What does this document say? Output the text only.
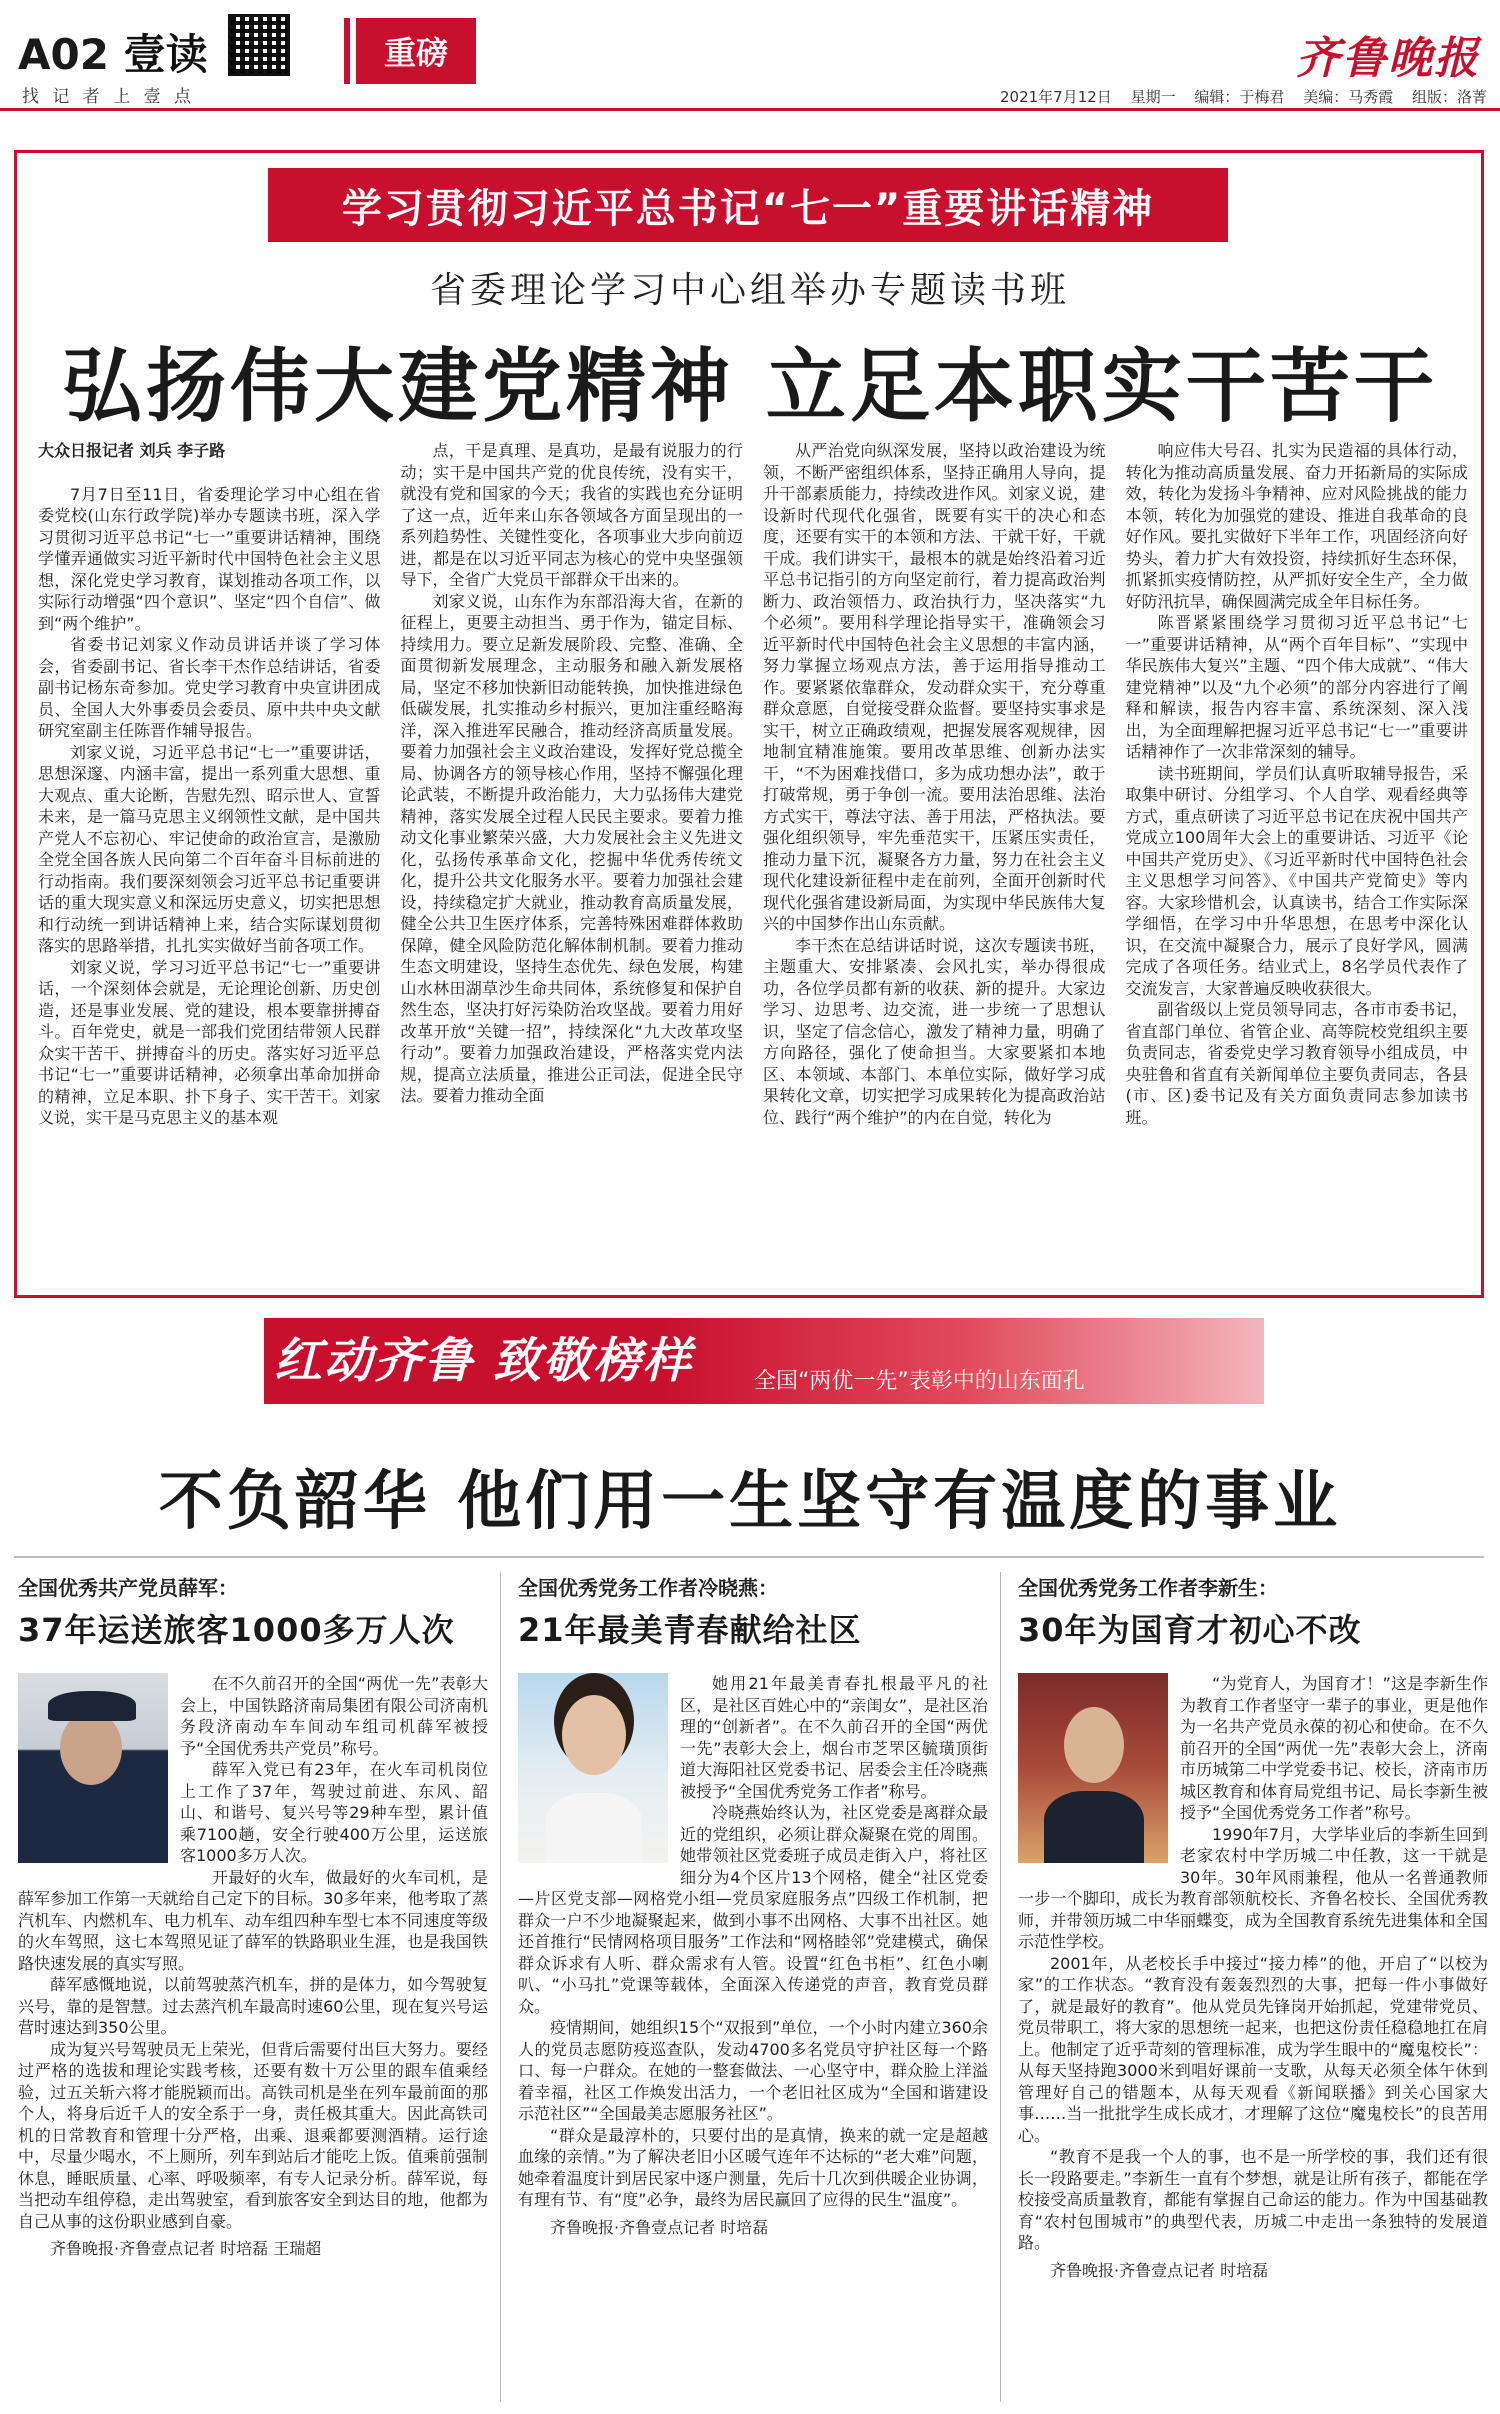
A02 壹读
找 记 者 上 壹 点
重磅	齐鲁晚报
2021年7月12日 星期一 编辑：于梅君 美编：马秀霞 组版：洛菁
学习贯彻习近平总书记“七一”重要讲话精神
省委理论学习中心组举办专题读书班
弘扬伟大建党精神 立足本职实干苦干

大众日报记者 刘兵 李子路

7月7日至11日，省委理论学习中心组在省委党校(山东行政学院)举办专题读书班，深入学习贯彻习近平总书记“七一”重要讲话精神，围绕学懂弄通做实习近平新时代中国特色社会主义思想，深化党史学习教育，谋划推动各项工作，以实际行动增强“四个意识”、坚定“四个自信”、做到“两个维护”。

省委书记刘家义作动员讲话并谈了学习体会，省委副书记、省长李干杰作总结讲话，省委副书记杨东奇参加。党史学习教育中央宣讲团成员、全国人大外事委员会委员、原中共中央文献研究室副主任陈晋作辅导报告。

刘家义说，习近平总书记“七一”重要讲话，思想深邃、内涵丰富，提出一系列重大思想、重大观点、重大论断，告慰先烈、昭示世人、宣誓未来，是一篇马克思主义纲领性文献，是中国共产党人不忘初心、牢记使命的政治宣言，是激励全党全国各族人民向第二个百年奋斗目标前进的行动指南。我们要深刻领会习近平总书记重要讲话的重大现实意义和深远历史意义，切实把思想和行动统一到讲话精神上来，结合实际谋划贯彻落实的思路举措，扎扎实实做好当前各项工作。

刘家义说，学习习近平总书记“七一”重要讲话，一个深刻体会就是，无论理论创新、历史创造，还是事业发展、党的建设，根本要靠拼搏奋斗。百年党史，就是一部我们党团结带领人民群众实干苦干、拼搏奋斗的历史。落实好习近平总书记“七一”重要讲话精神，必须拿出革命加拼命的精神，立足本职、扑下身子、实干苦干。刘家义说，实干是马克思主义的基本观

点，干是真理、是真功，是最有说服力的行动；实干是中国共产党的优良传统，没有实干，就没有党和国家的今天；我省的实践也充分证明了这一点，近年来山东各领域各方面呈现出的一系列趋势性、关键性变化，各项事业大步向前迈进，都是在以习近平同志为核心的党中央坚强领导下，全省广大党员干部群众干出来的。

刘家义说，山东作为东部沿海大省，在新的征程上，更要主动担当、勇于作为，锚定目标、持续用力。要立足新发展阶段、完整、准确、全面贯彻新发展理念，主动服务和融入新发展格局，坚定不移加快新旧动能转换，加快推进绿色低碳发展，扎实推动乡村振兴，更加注重经略海洋，深入推进军民融合，推动经济高质量发展。要着力加强社会主义政治建设，发挥好党总揽全局、协调各方的领导核心作用，坚持不懈强化理论武装，不断提升政治能力，大力弘扬伟大建党精神，落实发展全过程人民民主要求。要着力推动文化事业繁荣兴盛，大力发展社会主义先进文化，弘扬传承革命文化，挖掘中华优秀传统文化，提升公共文化服务水平。要着力加强社会建设，持续稳定扩大就业，推动教育高质量发展，健全公共卫生医疗体系，完善特殊困难群体救助保障，健全风险防范化解体制机制。要着力推动生态文明建设，坚持生态优先、绿色发展，构建山水林田湖草沙生命共同体，系统修复和保护自然生态，坚决打好污染防治攻坚战。要着力用好改革开放“关键一招”，持续深化“九大改革攻坚行动”。要着力加强政治建设，严格落实党内法规，提高立法质量，推进公正司法，促进全民守法。要着力推动全面

从严治党向纵深发展，坚持以政治建设为统领，不断严密组织体系，坚持正确用人导向，提升干部素质能力，持续改进作风。刘家义说，建设新时代现代化强省，既要有实干的决心和态度，还要有实干的本领和方法、干就干好，干就干成。我们讲实干，最根本的就是始终沿着习近平总书记指引的方向坚定前行，着力提高政治判断力、政治领悟力、政治执行力，坚决落实“九个必须”。要用科学理论指导实干，准确领会习近平新时代中国特色社会主义思想的丰富内涵，努力掌握立场观点方法，善于运用指导推动工作。要紧紧依靠群众，发动群众实干，充分尊重群众意愿，自觉接受群众监督。要坚持实事求是实干，树立正确政绩观，把握发展客观规律，因地制宜精准施策。要用改革思维、创新办法实干，“不为困难找借口，多为成功想办法”，敢于打破常规，勇于争创一流。要用法治思维、法治方式实干，尊法守法、善于用法，严格执法。要强化组织领导，牢先垂范实干，压紧压实责任，推动力量下沉，凝聚各方力量，努力在社会主义现代化建设新征程中走在前列，全面开创新时代现代化强省建设新局面，为实现中华民族伟大复兴的中国梦作出山东贡献。

李干杰在总结讲话时说，这次专题读书班，主题重大、安排紧凑、会风扎实，举办得很成功，各位学员都有新的收获、新的提升。大家边学习、边思考、边交流，进一步统一了思想认识，坚定了信念信心，激发了精神力量，明确了方向路径，强化了使命担当。大家要紧扣本地区、本领域、本部门、本单位实际，做好学习成果转化文章，切实把学习成果转化为提高政治站位、践行“两个维护”的内在自觉，转化为

响应伟大号召、扎实为民造福的具体行动，转化为推动高质量发展、奋力开拓新局的实际成效，转化为发扬斗争精神、应对风险挑战的能力本领，转化为加强党的建设、推进自我革命的良好作风。要扎实做好下半年工作，巩固经济向好势头，着力扩大有效投资，持续抓好生态环保，抓紧抓实疫情防控，从严抓好安全生产，全力做好防汛抗旱，确保圆满完成全年目标任务。

陈晋紧紧围绕学习贯彻习近平总书记“七一”重要讲话精神，从“两个百年目标”、“实现中华民族伟大复兴”主题、“四个伟大成就”、“伟大建党精神”以及“九个必须”的部分内容进行了阐释和解读，报告内容丰富、系统深刻、深入浅出，为全面理解把握习近平总书记“七一”重要讲话精神作了一次非常深刻的辅导。

读书班期间，学员们认真听取辅导报告，采取集中研讨、分组学习、个人自学、观看经典等方式，重点研读了习近平总书记在庆祝中国共产党成立100周年大会上的重要讲话、习近平《论中国共产党历史》、《习近平新时代中国特色社会主义思想学习问答》、《中国共产党简史》等内容。大家珍惜机会，认真读书，结合工作实际深学细悟，在学习中升华思想，在思考中深化认识，在交流中凝聚合力，展示了良好学风，圆满完成了各项任务。结业式上，8名学员代表作了交流发言，大家普遍反映收获很大。

副省级以上党员领导同志，各市市委书记，省直部门单位、省管企业、高等院校党组织主要负责同志，省委党史学习教育领导小组成员，中央驻鲁和省直有关新闻单位主要负责同志，各县(市、区)委书记及有关方面负责同志参加读书班。

红动齐鲁 致敬榜样	全国“两优一先”表彰中的山东面孔
不负韶华 他们用一生坚守有温度的事业
全国优秀共产党员薛军：
37年运送旅客1000多万人次

在不久前召开的全国“两优一先”表彰大会上，中国铁路济南局集团有限公司济南机务段济南动车车间动车组司机薛军被授予“全国优秀共产党员”称号。

薛军入党已有23年，在火车司机岗位上工作了37年，驾驶过前进、东风、韶山、和谐号、复兴号等29种车型，累计值乘7100趟，安全行驶400万公里，运送旅客1000多万人次。

开最好的火车，做最好的火车司机，是薛军参加工作第一天就给自己定下的目标。30多年来，他考取了蒸汽机车、内燃机车、电力机车、动车组四种车型七本不同速度等级的火车驾照，这七本驾照见证了薛军的铁路职业生涯，也是我国铁路快速发展的真实写照。

薛军感慨地说，以前驾驶蒸汽机车，拼的是体力，如今驾驶复兴号，靠的是智慧。过去蒸汽机车最高时速60公里，现在复兴号运营时速达到350公里。

成为复兴号驾驶员无上荣光，但背后需要付出巨大努力。要经过严格的选拔和理论实践考核，还要有数十万公里的跟车值乘经验，过五关斩六将才能脱颖而出。高铁司机是坐在列车最前面的那个人，将身后近千人的安全系于一身，责任极其重大。因此高铁司机的日常教育和管理十分严格，出乘、退乘都要测酒精。运行途中，尽量少喝水，不上厕所，列车到站后才能吃上饭。值乘前强制休息，睡眠质量、心率、呼吸频率，有专人记录分析。薛军说，每当把动车组停稳，走出驾驶室，看到旅客安全到达目的地，他都为自己从事的这份职业感到自豪。

齐鲁晚报·齐鲁壹点记者 时培磊 王瑞超

全国优秀党务工作者冷晓燕：
21年最美青春献给社区

她用21年最美青春扎根最平凡的社区，是社区百姓心中的“亲闺女”，是社区治理的“创新者”。在不久前召开的全国“两优一先”表彰大会上，烟台市芝罘区毓璜顶街道大海阳社区党委书记、居委会主任冷晓燕被授予“全国优秀党务工作者”称号。

冷晓燕始终认为，社区党委是离群众最近的党组织，必须让群众凝聚在党的周围。她带领社区党委班子成员走街入户，将社区细分为4个区片13个网格，健全“社区党委—片区党支部—网格党小组—党员家庭服务点”四级工作机制，把群众一户不少地凝聚起来，做到小事不出网格、大事不出社区。她还首推行“民情网格项目服务”工作法和“网格睦邻”党建模式，确保群众诉求有人听、群众需求有人管。设置“红色书柜”、红色小喇叭、“小马扎”党课等载体，全面深入传递党的声音，教育党员群众。

疫情期间，她组织15个“双报到”单位，一个小时内建立360余人的党员志愿防疫巡查队，发动4700多名党员守护社区每一个路口、每一户群众。在她的一整套做法、一心坚守中，群众脸上洋溢着幸福，社区工作焕发出活力，一个老旧社区成为“全国和谐建设示范社区”“全国最美志愿服务社区”。

“群众是最淳朴的，只要付出的是真情，换来的就一定是超越血缘的亲情。”为了解决老旧小区暖气连年不达标的“老大难”问题，她牵着温度计到居民家中逐户测量，先后十几次到供暖企业协调，有理有节、有“度”必争，最终为居民赢回了应得的民生“温度”。

齐鲁晚报·齐鲁壹点记者 时培磊

全国优秀党务工作者李新生：
30年为国育才初心不改

“为党育人，为国育才！”这是李新生作为教育工作者坚守一辈子的事业，更是他作为一名共产党员永葆的初心和使命。在不久前召开的全国“两优一先”表彰大会上，济南市历城第二中学党委书记、校长，济南市历城区教育和体育局党组书记、局长李新生被授予“全国优秀党务工作者”称号。

1990年7月，大学毕业后的李新生回到老家农村中学历城二中任教，这一干就是30年。30年风雨兼程，他从一名普通教师一步一个脚印，成长为教育部领航校长、齐鲁名校长、全国优秀教师，并带领历城二中华丽蝶变，成为全国教育系统先进集体和全国示范性学校。

2001年，从老校长手中接过“接力棒”的他，开启了“以校为家”的工作状态。“教育没有轰轰烈烈的大事，把每一件小事做好了，就是最好的教育”。他从党员先锋岗开始抓起，党建带党员、党员带职工，将大家的思想统一起来，也把这份责任稳稳地扛在肩上。他制定了近乎苛刻的管理标准，成为学生眼中的“魔鬼校长”：从每天坚持跑3000米到唱好课前一支歌，从每天必须全体午休到管理好自己的错题本，从每天观看《新闻联播》到关心国家大事……当一批批学生成长成才，才理解了这位“魔鬼校长”的良苦用心。

“教育不是我一个人的事，也不是一所学校的事，我们还有很长一段路要走。”李新生一直有个梦想，就是让所有孩子，都能在学校接受高质量教育，都能有掌握自己命运的能力。作为中国基础教育“农村包围城市”的典型代表，历城二中走出一条独特的发展道路。

齐鲁晚报·齐鲁壹点记者 时培磊
